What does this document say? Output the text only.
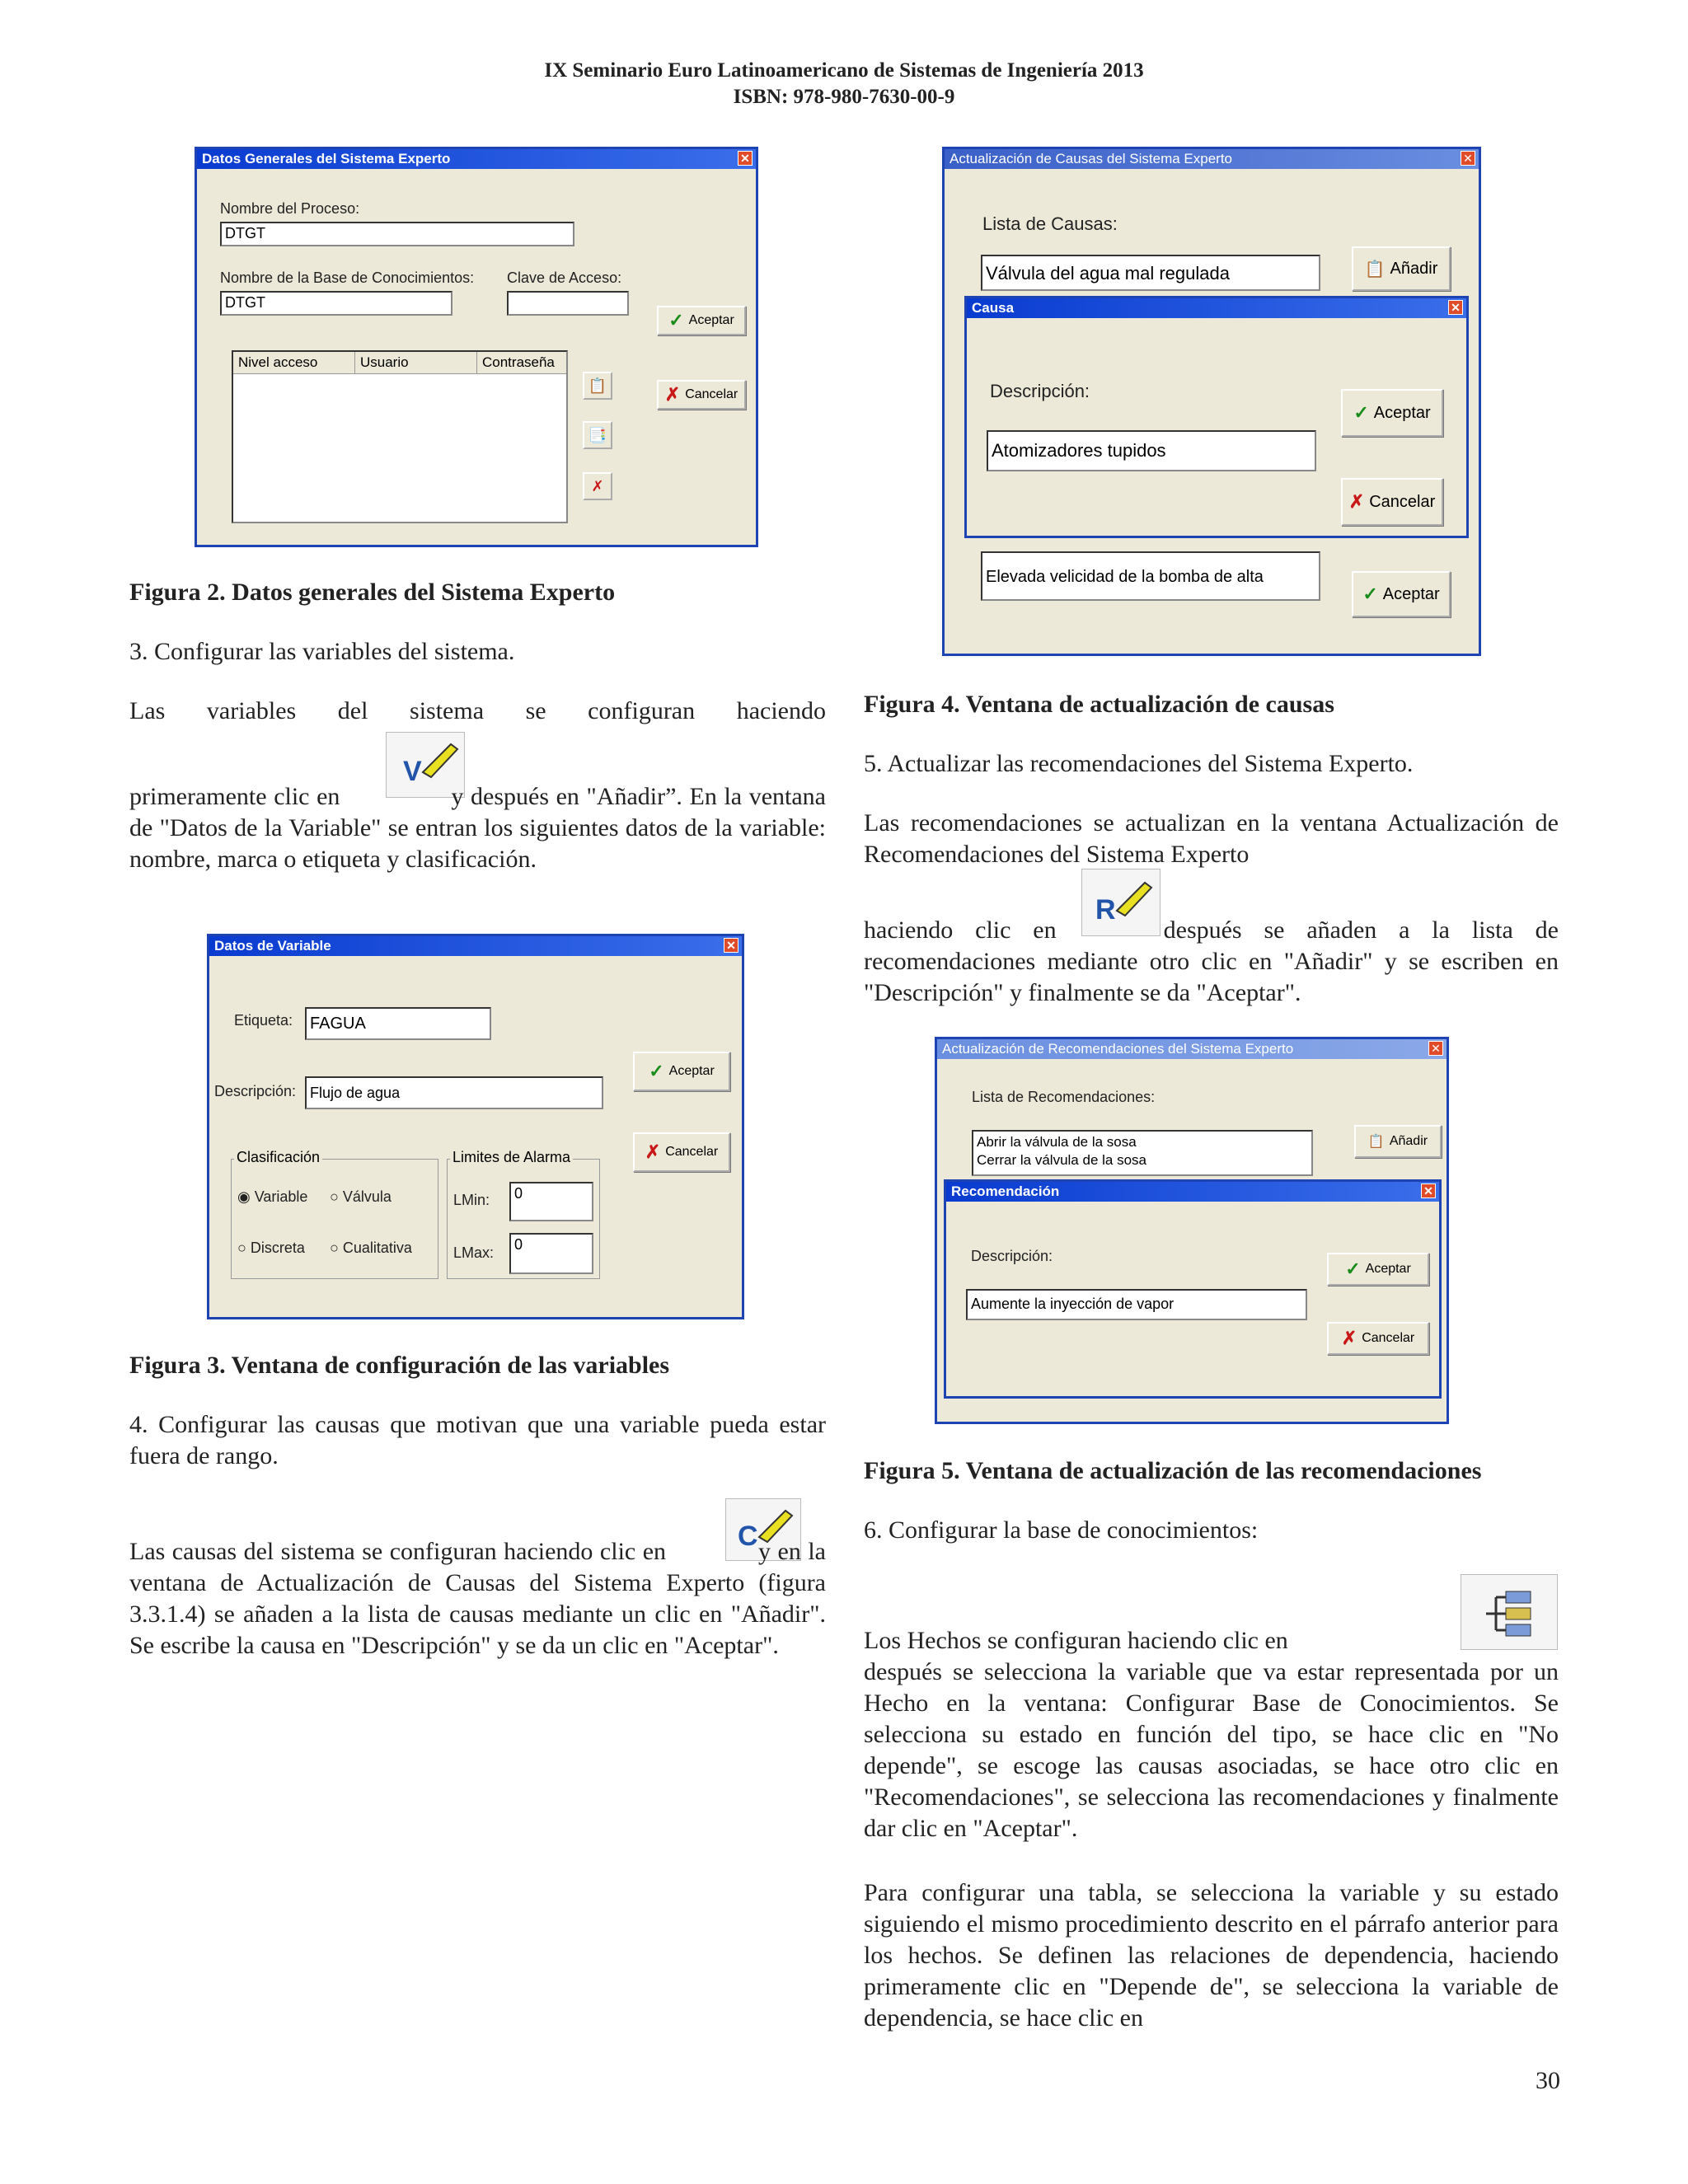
IX Seminario Euro Latinoamericano de Sistemas de Ingeniería 2013
ISBN: 978-980-7630-00-9
Datos Generales del Sistema Experto	✕
Nombre del Proceso:
DTGT
Nombre de la Base de Conocimientos:
DTGT
Clave de Acceso:
✓ Aceptar
✗ Cancelar
Nivel acceso	Usuario	Contraseña
📋
📑
✗
Figura 2. Datos generales del Sistema Experto
3. Configurar las variables del sistema.

Las variables del sistema se configuran haciendo

V

primeramente clic en	y después en "Añadir”. En la ventana de "Datos de la Variable" se entran los siguientes datos de la variable: nombre, marca o etiqueta y clasificación.

Datos de Variable	✕
Etiqueta:	FAGUA
Descripción: Flujo de agua
✓ Aceptar
✗ Cancelar
Clasificación
◉ Variable ○ Válvula
○ Discreta ○ Cualitativa
Limites de Alarma
LMin:	0
LMax:	0
Figura 3. Ventana de configuración de las variables

4. Configurar las causas que motivan que una variable pueda estar fuera de rango.

C

Las causas del sistema se configuran haciendo clic en	y en la ventana de Actualización de Causas del Sistema Experto (figura 3.3.1.4) se añaden a la lista de causas mediante un clic en "Añadir". Se escribe la causa en "Descripción" y se da un clic en "Aceptar".

Actualización de Causas del Sistema Experto	✕
Lista de Causas:
Válvula del agua mal regulada	📋 Añadir
Elevada velicidad de la bomba de alta
✓ Aceptar
Causa	✕
Descripción:
Atomizadores tupidos
✓ Aceptar
✗ Cancelar
Figura 4. Ventana de actualización de causas
5. Actualizar las recomendaciones del Sistema Experto.

Las recomendaciones se actualizan en la ventana Actualización de Recomendaciones del Sistema Experto

R

haciendo clic en	después se añaden a la lista de recomendaciones mediante otro clic en "Añadir" y se escriben en "Descripción" y finalmente se da "Aceptar".

Actualización de Recomendaciones del Sistema Experto	✕
Lista de Recomendaciones:
Abrir la válvula de la sosa
Cerrar la válvula de la sosa
📋 Añadir
Recomendación	✕
Descripción:
Aumente la inyección de vapor
✓ Aceptar
✗ Cancelar
Figura 5. Ventana de actualización de las recomendaciones
6. Configurar la base de conocimientos:

Los Hechos se configuran haciendo clic en
después se selecciona la variable que va estar representada por un Hecho en la ventana: Configurar Base de Conocimientos. Se selecciona su estado en función del tipo, se hace clic en "No depende", se escoge las causas asociadas, se hace otro clic en "Recomendaciones", se selecciona las recomendaciones y finalmente dar clic en "Aceptar".

Para configurar una tabla, se selecciona la variable y su estado siguiendo el mismo procedimiento descrito en el párrafo anterior para los hechos. Se definen las relaciones de dependencia, haciendo primeramente clic en "Depende de", se selecciona la variable de dependencia, se hace clic en

30
